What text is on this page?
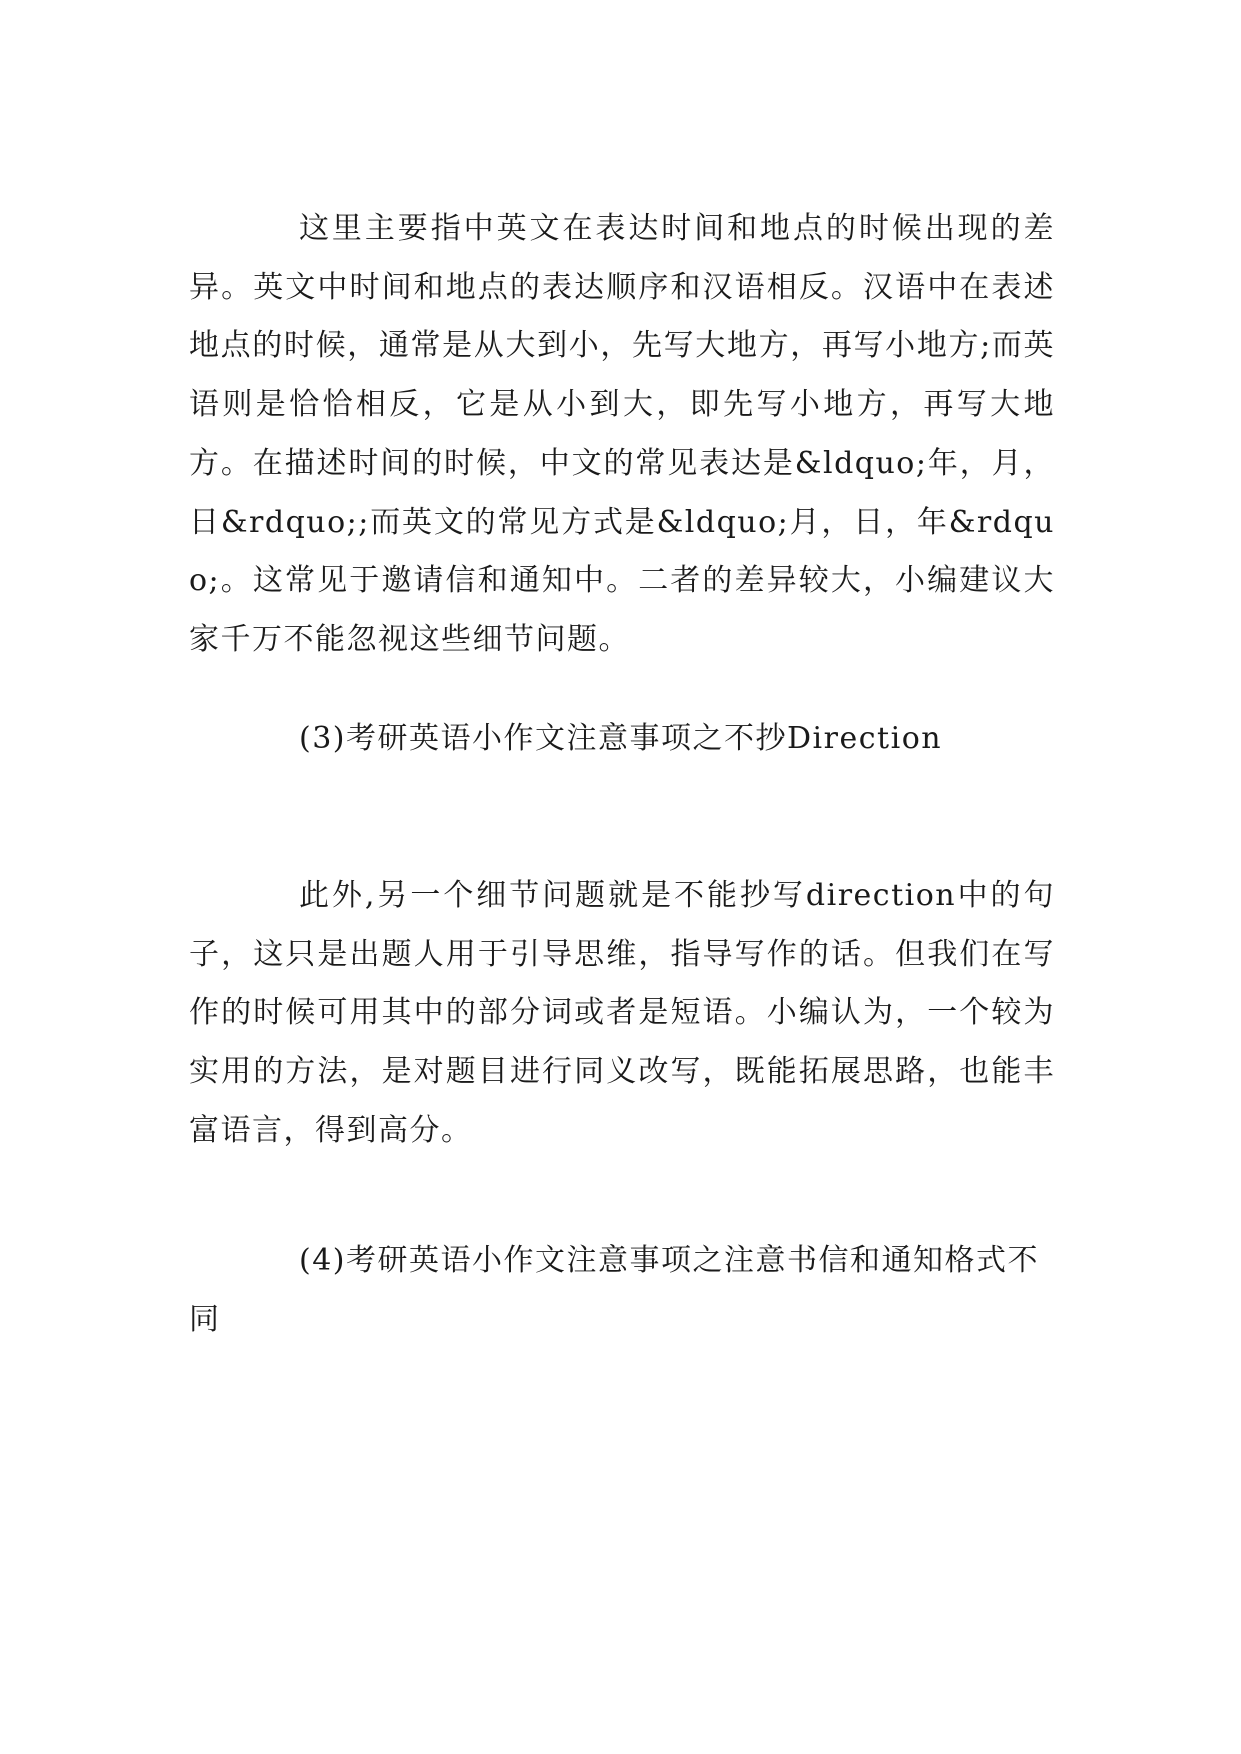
这里主要指中英文在表达时间和地点的时候出现的差异。英文中时间和地点的表达顺序和汉语相反。汉语中在表述地点的时候，通常是从大到小，先写大地方，再写小地方;而英语则是恰恰相反，它是从小到大，即先写小地方，再写大地方。在描述时间的时候，中文的常见表达是&ldquo;年，月，日&rdquo;;而英文的常见方式是&ldquo;月，日，年&rdquo;。这常见于邀请信和通知中。二者的差异较大，小编建议大家千万不能忽视这些细节问题。

(3)考研英语小作文注意事项之不抄Direction

此外,另一个细节问题就是不能抄写direction中的句子，这只是出题人用于引导思维，指导写作的话。但我们在写作的时候可用其中的部分词或者是短语。小编认为，一个较为实用的方法，是对题目进行同义改写，既能拓展思路，也能丰富语言，得到高分。

(4)考研英语小作文注意事项之注意书信和通知格式不同
